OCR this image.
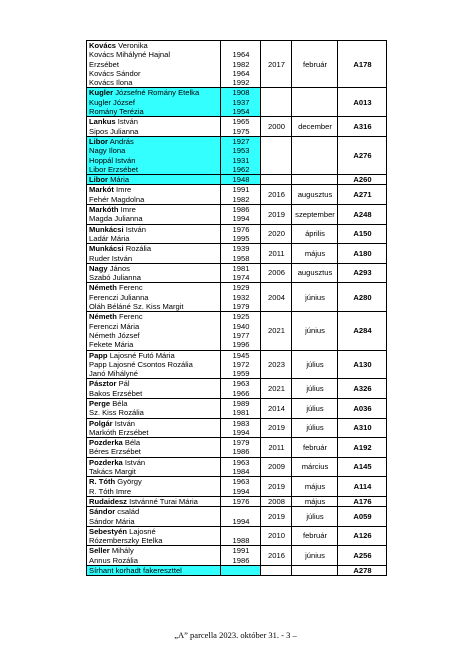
Kovács Veronika
Kovács Mihályné Hajnal
Erzsébet
Kovács Sándor
Kovács Ilona	1964
1982
1964
1992	2017	február	A178

Kugler Józsefné Romány Etelka
Kugler József
Romány Terézia	1908
1937
1954			A013

Lankus István
Sipos Julianna	1965
1975	2000	december	A316

Libor András
Nagy Ilona
Hoppál István
Libor Erzsébet	1927
1953
1931
1962			A276

Libor Mária	1948			A260

Markót Imre
Fehér Magdolna	1991
1982	2016	augusztus	A271

Markóth Imre
Magda Julianna	1986
1994	2019	szeptember	A248

Munkácsi István
Ladár Mária	1976
1995	2020	április	A150

Munkácsi Rozália
Ruder István	1939
1958	2011	május	A180

Nagy János
Szabó Julianna	1981
1974	2006	augusztus	A293

Németh Ferenc
Ferenczi Julianna
Oláh Béláné Sz. Kiss Margit	1929
1932
1979	2004	június	A280

Németh Ferenc
Ferenczi Mária
Németh József
Fekete Mária	1925
1940
1977
1996	2021	június	A284

Papp Lajosné Futó Mária
Papp Lajosné Csontos Rozália
Janó Mihályné	1945
1972
1959	2023	július	A130

Pásztor Pál
Bakos Erzsébet	1963
1966	2021	július	A326

Perge Béla
Sz. Kiss Rozália	1989
1981	2014	július	A036

Polgár István
Markóth Erzsébet	1983
1994	2019	július	A310

Pozderka Béla
Béres Erzsébet	1979
1986	2011	február	A192

Pozderka István
Takács Margit	1963
1984	2009	március	A145

R. Tóth György
R. Tóth Imre	1963
1994	2019	május	A114

Rudaidesz Istvánné Turai Mária	1976	2008	május	A176

Sándor család
Sándor Mária	1994	2019	július	A059

Sebestyén Lajosné
Rózemberszky Etelka	1988	2010	február	A126

Seller Mihály
Annus Rozália	1991
1986	2016	június	A256

Sírhant korhadt fakereszttel				A278
„A” parcella 2023. október 31. - 3 –
